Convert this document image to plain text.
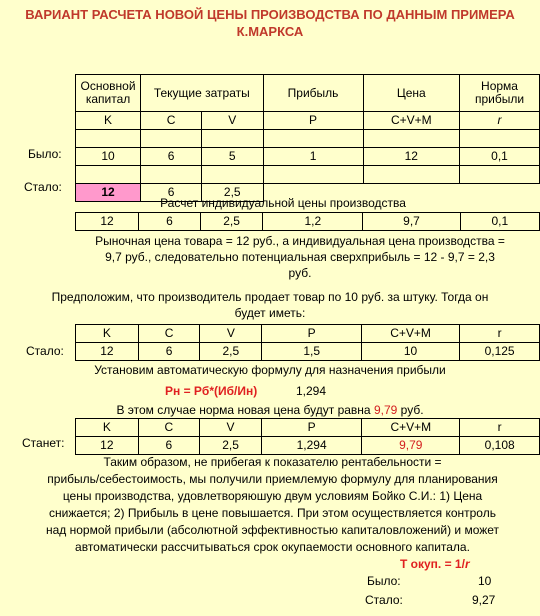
ВАРИАНТ РАСЧЕТА НОВОЙ ЦЕНЫ ПРОИЗВОДСТВА ПО ДАННЫМ ПРИМЕРА
К.МАРКСА
Основной капитал	Текущие затраты		Прибыль	Цена	Норма прибыли
K	C	V	P	C+V+M	r

10	6	5	1	12	0,1

12	6	2,5			
Было:
Стало:
Расчет индивидуальной цены производства
12	6	2,5	1,2	9,7	0,1
Рыночная цена товара = 12 руб., а индивидуальная цена производства =
9,7 руб., следовательно потенциальная сверхприбыль = 12 - 9,7 = 2,3
руб.
Предположим, что производитель продает товар по 10 руб. за штуку. Тогда он
будет иметь:
K	C	V	P	C+V+M	r
12	6	2,5	1,5	10	0,125
Стало:
Установим автоматическую формулу для назначения прибыли
Рн = Рб*(Иб/Ин)	1,294
В этом случае норма новая цена будут равна 9,79 руб.
K	C	V	P	C+V+M	r
12	6	2,5	1,294	9,79	0,108
Станет:
Таким образом, не прибегая к показателю рентабельности =
прибыль/себестоимость, мы получили приемлемую формулу для планирования
цены производства, удовлетворяюшую двум условиям Бойко С.И.: 1) Цена
снижается; 2) Прибыль в цене повышается. При этом осуществляется контроль
над нормой прибыли (абсолютной эффективностью капиталовложений) и может
автоматически рассчитываться срок окупаемости основного капитала.
Т окуп. = 1/r
Было:	10
Стало:	9,27
